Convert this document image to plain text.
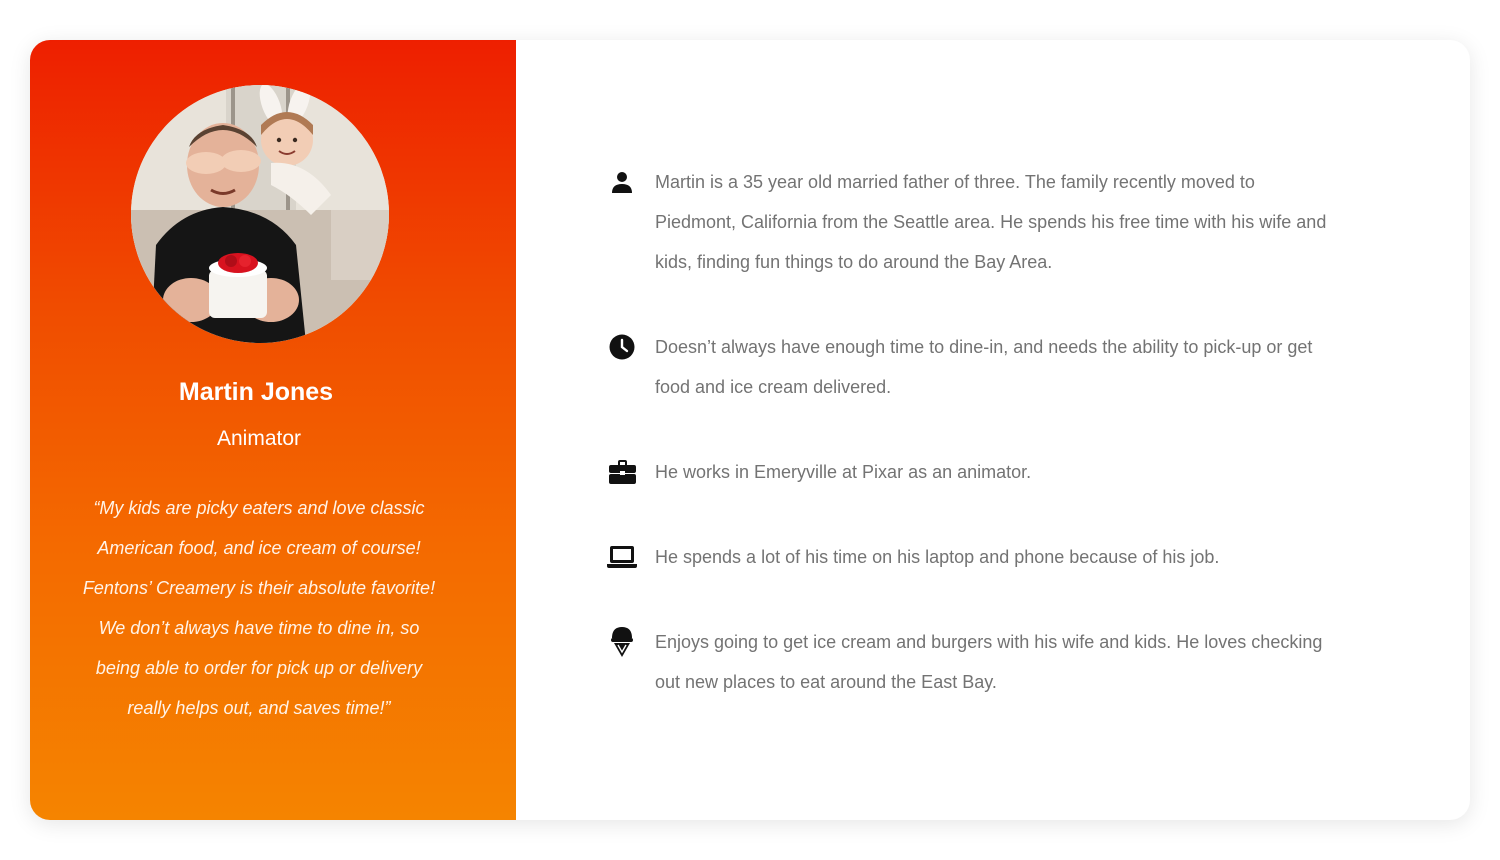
Martin Jones
Animator
“My kids are picky eaters and love classic American food, and ice cream of course! Fentons’ Creamery is their absolute favorite! We don’t always have time to dine in, so being able to order for pick up or delivery really helps out, and saves time!”
Martin is a 35 year old married father of three. The family recently moved to Piedmont, California from the Seattle area. He spends his free time with his wife and kids, finding fun things to do around the Bay Area.
Doesn’t always have enough time to dine-in, and needs the ability to pick-up or get food and ice cream delivered.
He works in Emeryville at Pixar as an animator.
He spends a lot of his time on his laptop and phone because of his job.
Enjoys going to get ice cream and burgers with his wife and kids. He loves checking out new places to eat around the East Bay.
